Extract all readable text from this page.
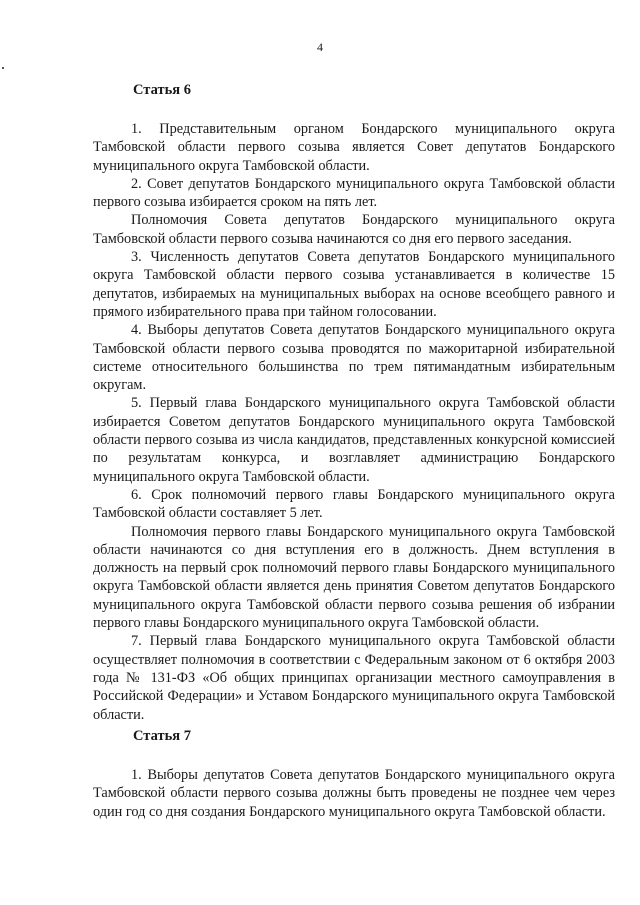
4
Статья 6

1. Представительным органом Бондарского муниципального округа Тамбовской области первого созыва является Совет депутатов Бондарского муниципального округа Тамбовской области.

2. Совет депутатов Бондарского муниципального округа Тамбовской области первого созыва избирается сроком на пять лет.

Полномочия Совета депутатов Бондарского муниципального округа Тамбовской области первого созыва начинаются со дня его первого заседания.

3. Численность депутатов Совета депутатов Бондарского муниципального округа Тамбовской области первого созыва устанавливается в количестве 15 депутатов, избираемых на муниципальных выборах на основе всеобщего равного и прямого избирательного права при тайном голосовании.

4. Выборы депутатов Совета депутатов Бондарского муниципального округа Тамбовской области первого созыва проводятся по мажоритарной избирательной системе относительного большинства по трем пятимандатным избирательным округам.

5. Первый глава Бондарского муниципального округа Тамбовской области избирается Советом депутатов Бондарского муниципального округа Тамбовской области первого созыва из числа кандидатов, представленных конкурсной комиссией по результатам конкурса, и возглавляет администрацию Бондарского муниципального округа Тамбовской области.

6. Срок полномочий первого главы Бондарского муниципального округа Тамбовской области составляет 5 лет.

Полномочия первого главы Бондарского муниципального округа Тамбовской области начинаются со дня вступления его в должность. Днем вступления в должность на первый срок полномочий первого главы Бондарского муниципального округа Тамбовской области является день принятия Советом депутатов Бондарского муниципального округа Тамбовской области первого созыва решения об избрании первого главы Бондарского муниципального округа Тамбовской области.

7. Первый глава Бондарского муниципального округа Тамбовской области осуществляет полномочия в соответствии с Федеральным законом от 6 октября 2003 года № 131-ФЗ «Об общих принципах организации местного самоуправления в Российской Федерации» и Уставом Бондарского муниципального округа Тамбовской области.

Статья 7

1. Выборы депутатов Совета депутатов Бондарского муниципального округа Тамбовской области первого созыва должны быть проведены не позднее чем через один год со дня создания Бондарского муниципального округа Тамбовской области.
